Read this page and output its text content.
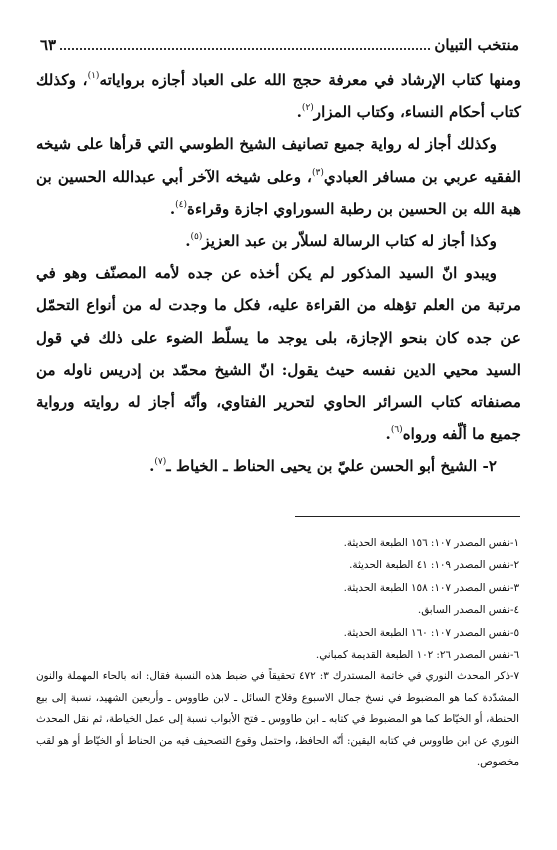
منتخب التبيان
٦٣

ومنها كتاب الإرشاد في معرفة حجج الله على العباد أجازه برواياته$^{(١)}$، وكذلك كتاب أحكام النساء، وكتاب المزار$^{(٢)}$.

وكذلك أجاز له رواية جميع تصانيف الشيخ الطوسي التي قرأها على شيخه الفقيه عربي بن مسافر العبادي$^{(٣)}$، وعلى شيخه الآخر أبي عبدالله الحسين بن هبة الله بن الحسين بن رطبة السوراوي اجازة وقراءة$^{(٤)}$.

وكذا أجاز له كتاب الرسالة لسلاّر بن عبد العزيز$^{(٥)}$.

ويبدو انّ السيد المذكور لم يكن أخذه عن جده لأمه المصنّف وهو في مرتبة من العلم تؤهله من القراءة عليه، فكل ما وجدت له من أنواع التحمّل عن جده كان بنحو الإجازة، بلى يوجد ما يسلّط الضوء على ذلك في قول السيد محيي الدين نفسه حيث يقول: انّ الشيخ محمّد بن إدريس ناوله من مصنفاته كتاب السرائر الحاوي لتحرير الفتاوي، وأنّه أجاز له روايته ورواية جميع ما ألّفه ورواه$^{(٦)}$.

٢- الشيخ أبو الحسن عليّ بن يحيى الحناط ـ الخياط ـ$^{(٧)}$.

١-نفس المصدر ١٠٧: ١٥٦ الطبعة الحديثة.

٢-نفس المصدر ١٠٩: ٤١ الطبعة الحديثة.

٣-نفس المصدر ١٠٧: ١٥٨ الطبعة الحديثة.

٤-نفس المصدر السابق.

٥-نفس المصدر ١٠٧: ١٦٠ الطبعة الحديثة.

٦-نفس المصدر ٢٦: ١٠٢ الطبعة القديمة كمباني.

٧-ذكر المحدث النوري في خاتمة المستدرك ٣: ٤٧٢ تحقيقاً في ضبط هذه النسبة فقال: انه بالحاء المهملة والنون المشدّدة كما هو المضبوط في نسخ جمال الاسبوع وفلاح السائل ـ لابن طاووس ـ وأربعين الشهيد، نسبة إلى بيع الحنطة، أو الخيّاط كما هو المضبوط في كتابه ـ ابن طاووس ـ فتح الأبواب نسبة إلى عمل الخياطة، ثم نقل المحدث النوري عن ابن طاووس في كتابه اليقين: أنّه الحافظ، واحتمل وقوع التصحيف فيه من الحناط أو الخيّاط أو هو لقب مخصوص.
